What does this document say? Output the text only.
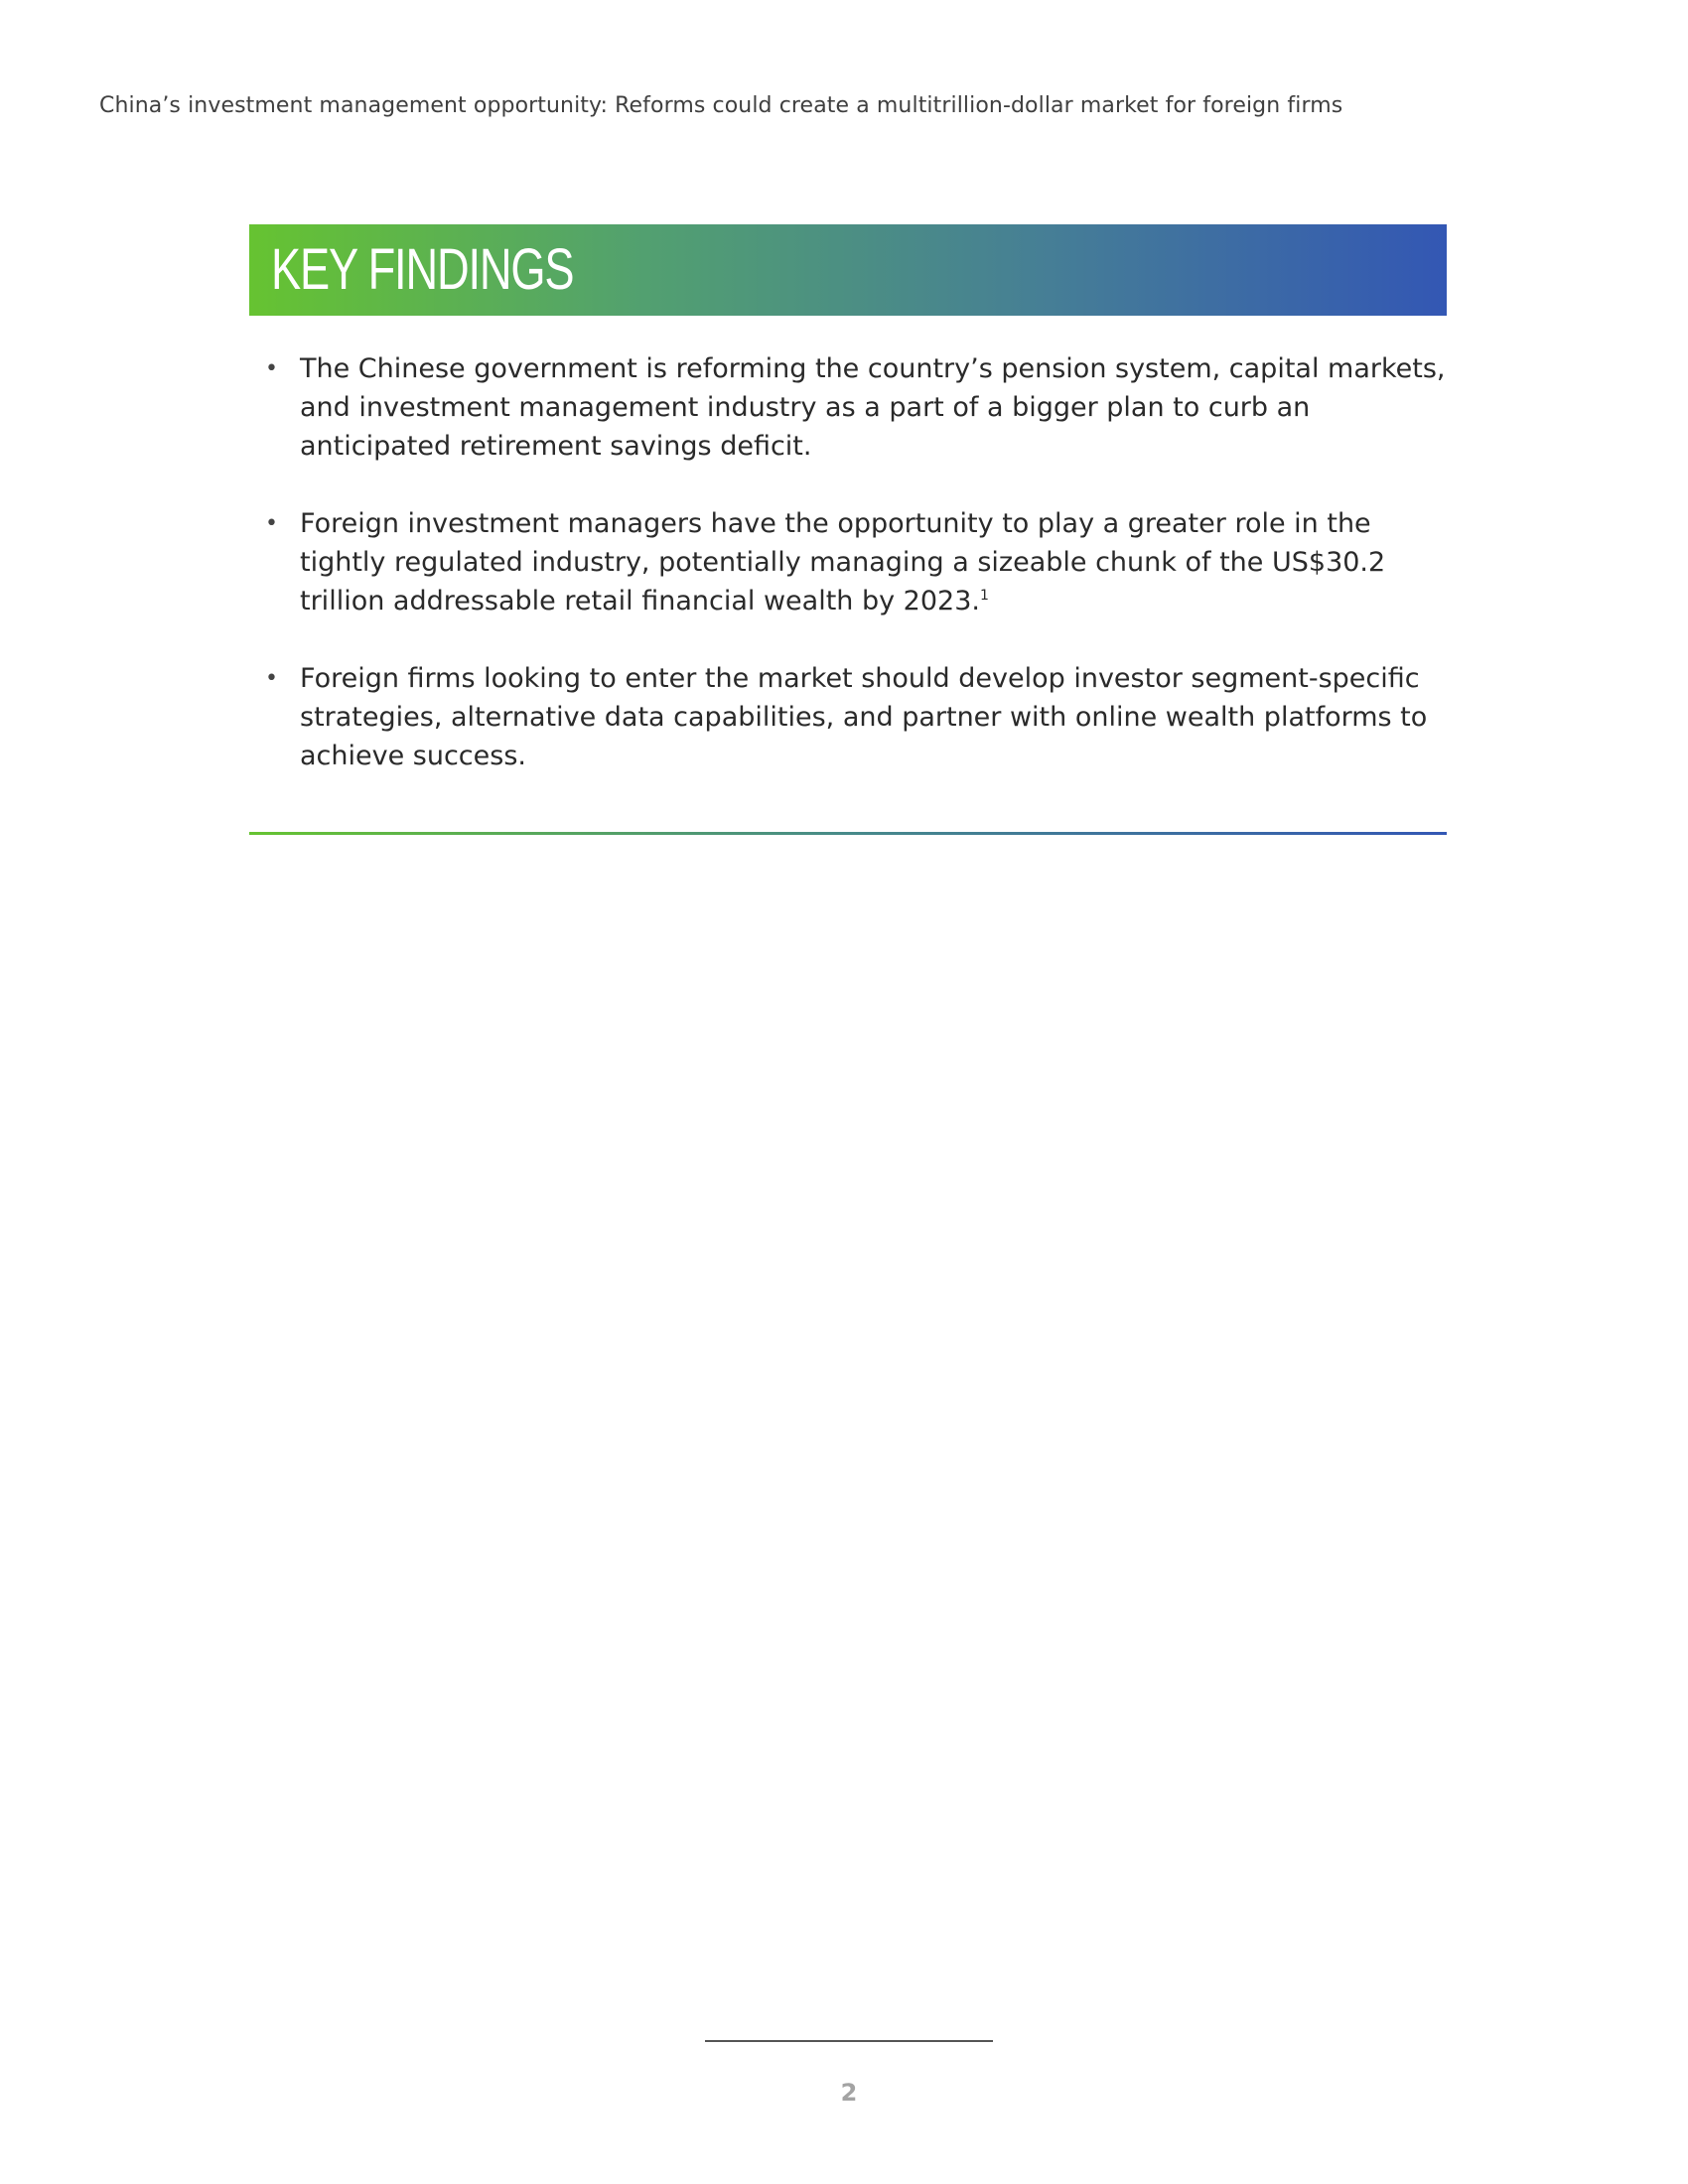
China’s investment management opportunity: Reforms could create a multitrillion-dollar market for foreign firms
KEY FINDINGS
• The Chinese government is reforming the country’s pension system, capital markets, and investment management industry as a part of a bigger plan to curb an anticipated retirement savings deficit.
• Foreign investment managers have the opportunity to play a greater role in the tightly regulated industry, potentially managing a sizeable chunk of the US$30.2 trillion addressable retail financial wealth by 2023.$^1$
• Foreign firms looking to enter the market should develop investor segment-specific strategies, alternative data capabilities, and partner with online wealth platforms to achieve success.
2
